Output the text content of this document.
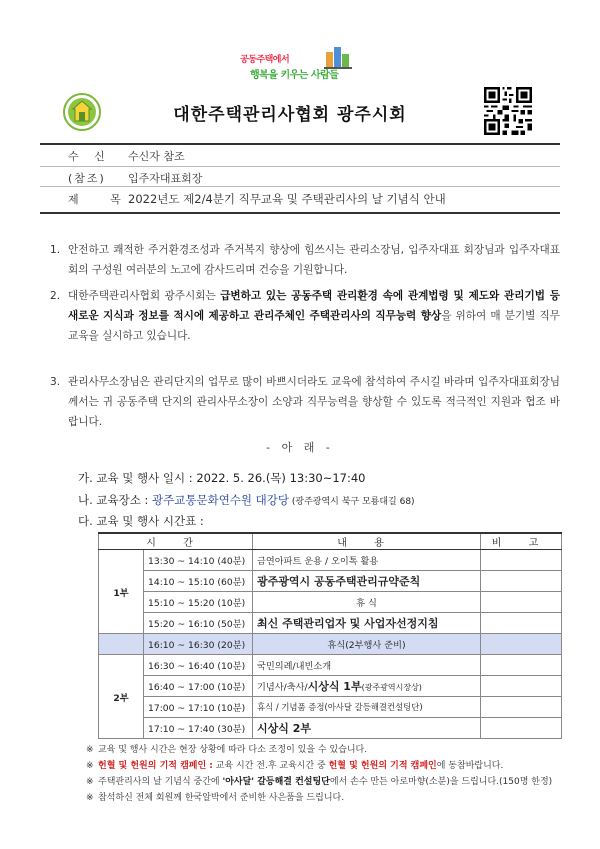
공동주택에서
행복을 키우는 사람들
대한주택관리사협회 광주시회
수 신 수신자 참조
(참조) 입주자대표회장
제 목
2022년도 제2/4분기 직무교육 및 주택관리사의 날 기념식 안내
1. 안전하고 쾌적한 주거환경조성과 주거복지 향상에 힘쓰시는 관리소장님, 입주자대표 회장님과 입주자대표회의 구성원 여러분의 노고에 감사드리며 건승을 기원합니다.
2. 대한주택관리사협회 광주시회는 급변하고 있는 공동주택 관리환경 속에 관계법령 및 제도와 관리기법 등 새로운 지식과 정보를 적시에 제공하고 관리주체인 주택관리사의 직무능력 향상을 위하여 매 분기별 직무교육을 실시하고 있습니다.
3. 관리사무소장님은 관리단지의 업무로 많이 바쁘시더라도 교육에 참석하여 주시길 바라며 입주자대표회장님께서는 귀 공동주택 단지의 관리사무소장이 소양과 직무능력을 향상할 수 있도록 적극적인 지원과 협조 바랍니다.
- 아 래 -
가. 교육 및 행사 일시 : 2022. 5. 26.(목) 13:30~17:40
나. 교육장소 : 광주교통문화연수원 대강당 (광주광역시 북구 모룡대길 68)
다. 교육 및 행사 시간표 :
시 간		내 용	비 고
1부	13:30 ~ 14:10 (40분)	금연아파트 운용 / 오이톡 활용	
	14:10 ~ 15:10 (60분)	광주광역시 공동주택관리규약준칙	
	15:10 ~ 15:20 (10분)	휴 식	
	15:20 ~ 16:10 (50분)	최신 주택관리업자 및 사업자선정지침	
	16:10 ~ 16:30 (20분)	휴식(2부행사 준비)	
2부	16:30 ~ 16:40 (10분)	국민의례/내빈소개	
	16:40 ~ 17:00 (10분)	기념사/축사/시상식 1부(광주광역시장상)	
	17:00 ~ 17:10 (10분)	휴식 / 기념품 증정(아사달 갈등해결컨설팅단)	
	17:10 ~ 17:40 (30분)	시상식 2부	
※ 교육 및 행사 시간은 현장 상황에 따라 다소 조정이 있을 수 있습니다.
※ 헌혈 및 헌원의 기적 캠페인 : 교육 시간 전.후 교육시간 중 헌혈 및 헌원의 기적 캠페인에 동참바랍니다.
※ 주택관리사의 날 기념식 중간에 '아사달' 갈등해결 컨설팅단에서 손수 만든 아로마향(소분)을 드립니다.(150명 한정)
※ 참석하신 전체 회원께 한국알박에서 준비한 사은품을 드립니다.
